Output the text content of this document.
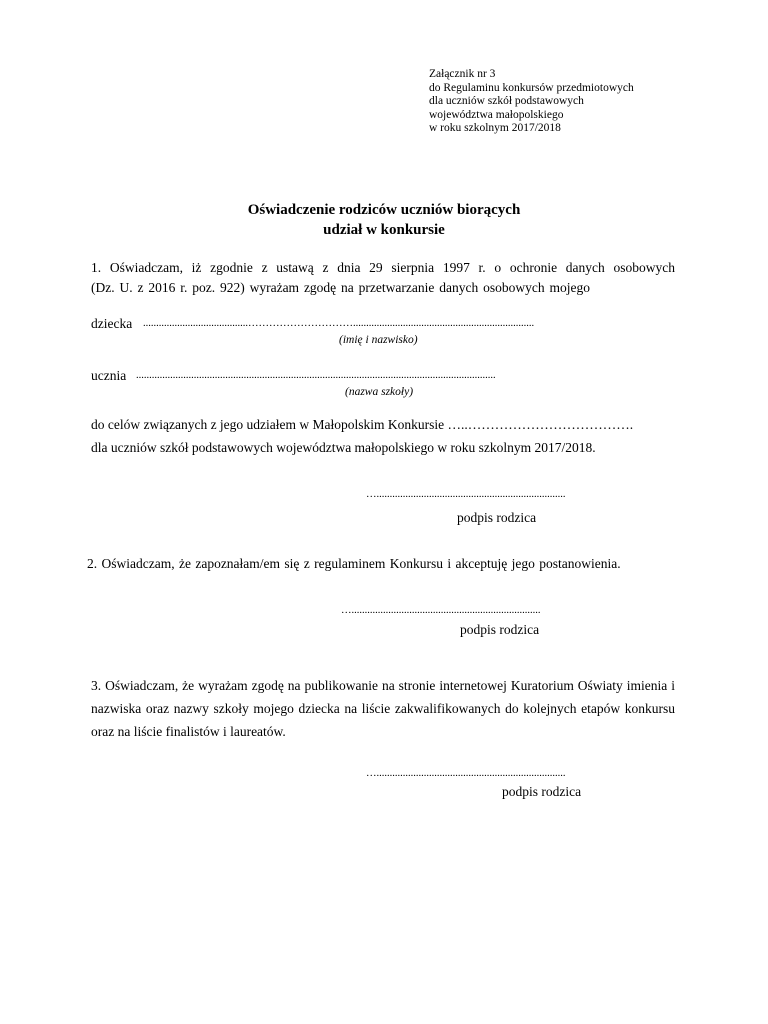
Załącznik nr 3
do Regulaminu konkursów przedmiotowych
dla uczniów szkół podstawowych
województwa małopolskiego
w roku szkolnym 2017/2018
Oświadczenie rodziców uczniów biorących
udział w konkursie
1. Oświadczam, iż zgodnie z ustawą z dnia 29 sierpnia 1997 r. o ochronie danych osobowych
(Dz. U. z 2016 r. poz. 922) wyrażam zgodę na przetwarzanie danych osobowych mojego
dziecka ........................................………………………….....................................................................
(imię i nazwisko)
ucznia .........................................................................................................................................
(nazwa szkoły)
do celów związanych z jego udziałem w Małopolskim Konkursie …..……………………………….
dla uczniów szkół podstawowych województwa małopolskiego w roku szkolnym 2017/2018.
…........................................................................
podpis rodzica
2. Oświadczam, że zapoznałam/em się z regulaminem Konkursu i akceptuję jego postanowienia.
…........................................................................
podpis rodzica
3. Oświadczam, że wyrażam zgodę na publikowanie na stronie internetowej Kuratorium Oświaty imienia i nazwiska oraz nazwy szkoły mojego dziecka na liście zakwalifikowanych do kolejnych etapów konkursu oraz na liście finalistów i laureatów.
…........................................................................
podpis rodzica
